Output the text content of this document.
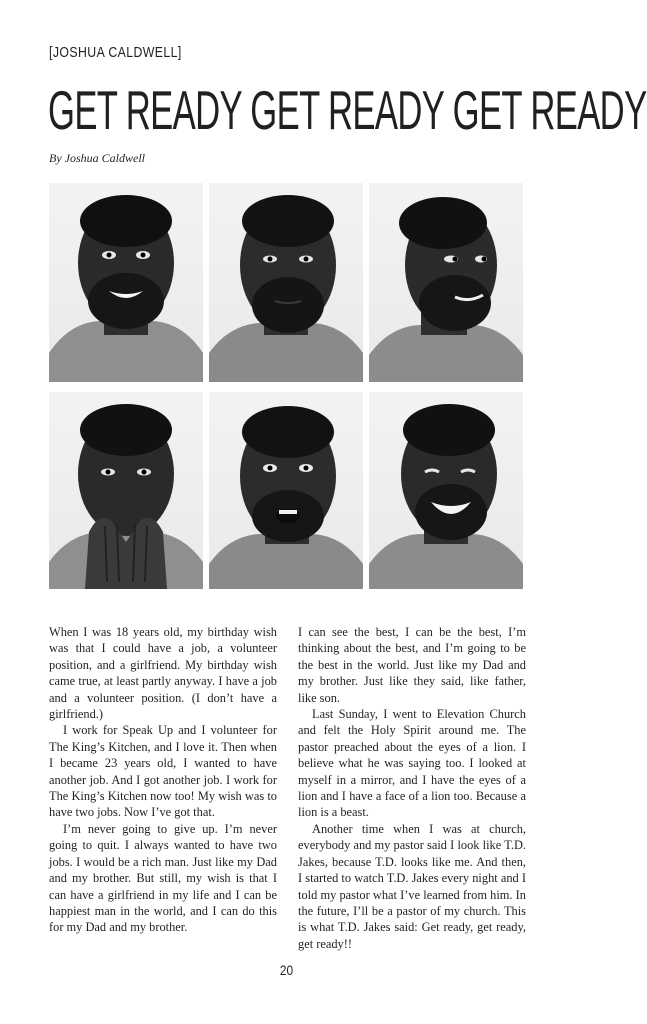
[JOSHUA CALDWELL]
GET READY GET READY GET READY
By Joshua Caldwell

When I was 18 years old, my birthday wish was that I could have a job, a volunteer position, and a girlfriend. My birthday wish came true, at least partly anyway. I have a job and a volunteer position. (I don’t have a girlfriend.)

I work for Speak Up and I volunteer for The King’s Kitchen, and I love it. Then when I became 23 years old, I wanted to have another job. And I got another job. I work for The King’s Kitchen now too! My wish was to have two jobs. Now I’ve got that.

I’m never going to give up. I’m never going to quit. I always wanted to have two jobs. I would be a rich man. Just like my Dad and my brother. But still, my wish is that I can have a girlfriend in my life and I can be happiest man in the world, and I can do this for my Dad and my brother.

I can see the best, I can be the best, I’m thinking about the best, and I’m going to be the best in the world. Just like my Dad and my brother. Just like they said, like father, like son.

Last Sunday, I went to Elevation Church and felt the Holy Spirit around me. The pastor preached about the eyes of a lion. I believe what he was saying too. I looked at myself in a mirror, and I have the eyes of a lion and I have a face of a lion too. Because a lion is a beast.

Another time when I was at church, everybody and my pastor said I look like T.D. Jakes, because T.D. looks like me. And then, I started to watch T.D. Jakes every night and I told my pastor what I’ve learned from him. In the future, I’ll be a pastor of my church. This is what T.D. Jakes said: Get ready, get ready, get ready!!

20
